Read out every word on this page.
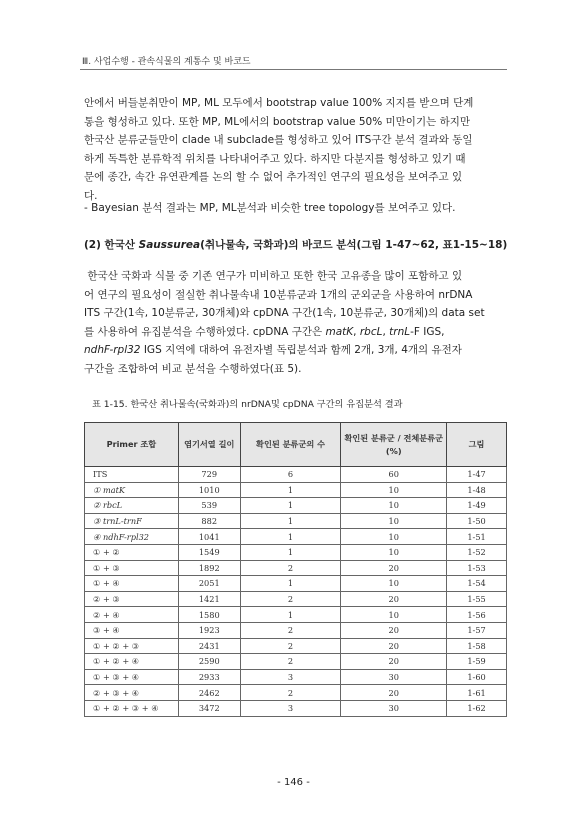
Ⅲ. 사업수행 - 관속식물의 계통수 및 바코드

안에서 버들분취만이 MP, ML 모두에서 bootstrap value 100% 지지를 받으며 단계

통을 형성하고 있다. 또한 MP, ML에서의 bootstrap value 50% 미만이기는 하지만

한국산 분류군들만이 clade 내 subclade를 형성하고 있어 ITS구간 분석 결과와 동일

하게 독특한 분류학적 위치를 나타내어주고 있다. 하지만 다분지를 형성하고 있기 때

문에 종간, 속간 유연관계를 논의 할 수 없어 추가적인 연구의 필요성을 보여주고 있

다.

- Bayesian 분석 결과는 MP, ML분석과 비슷한 tree topology를 보여주고 있다.

(2) 한국산 Saussurea(취나물속, 국화과)의 바코드 분석(그림 1-47~62, 표1-15~18)

한국산 국화과 식물 중 기존 연구가 미비하고 또한 한국 고유종을 많이 포함하고 있

어 연구의 필요성이 절실한 취나물속내 10분류군과 1개의 군외군을 사용하여 nrDNA

ITS 구간(1속, 10분류군, 30개체)와 cpDNA 구간(1속, 10분류군, 30개체)의 data set

를 사용하여 유집분석을 수행하였다. cpDNA 구간은 matK, rbcL, trnL-F IGS,

ndhF-rpl32 IGS 지역에 대하여 유전자별 독립분석과 함께 2개, 3개, 4개의 유전자

구간을 조합하여 비교 분석을 수행하였다(표 5).

표 1-15. 한국산 취나물속(국화과)의 nrDNA및 cpDNA 구간의 유집분석 결과

Primer 조합	염기서열 길이	확인된 분류군의 수	확인된 분류군 / 전체분류군 (%)	그림
ITS	729	6	60	1-47
① matK	1010	1	10	1-48
② rbcL	539	1	10	1-49
③ trnL-trnF	882	1	10	1-50
④ ndhF-rpl32	1041	1	10	1-51
① + ②	1549	1	10	1-52
① + ③	1892	2	20	1-53
① + ④	2051	1	10	1-54
② + ③	1421	2	20	1-55
② + ④	1580	1	10	1-56
③ + ④	1923	2	20	1-57
① + ② + ③	2431	2	20	1-58
① + ② + ④	2590	2	20	1-59
① + ③ + ④	2933	3	30	1-60
② + ③ + ④	2462	2	20	1-61
① + ② + ③ + ④	3472	3	30	1-62
- 146 -
